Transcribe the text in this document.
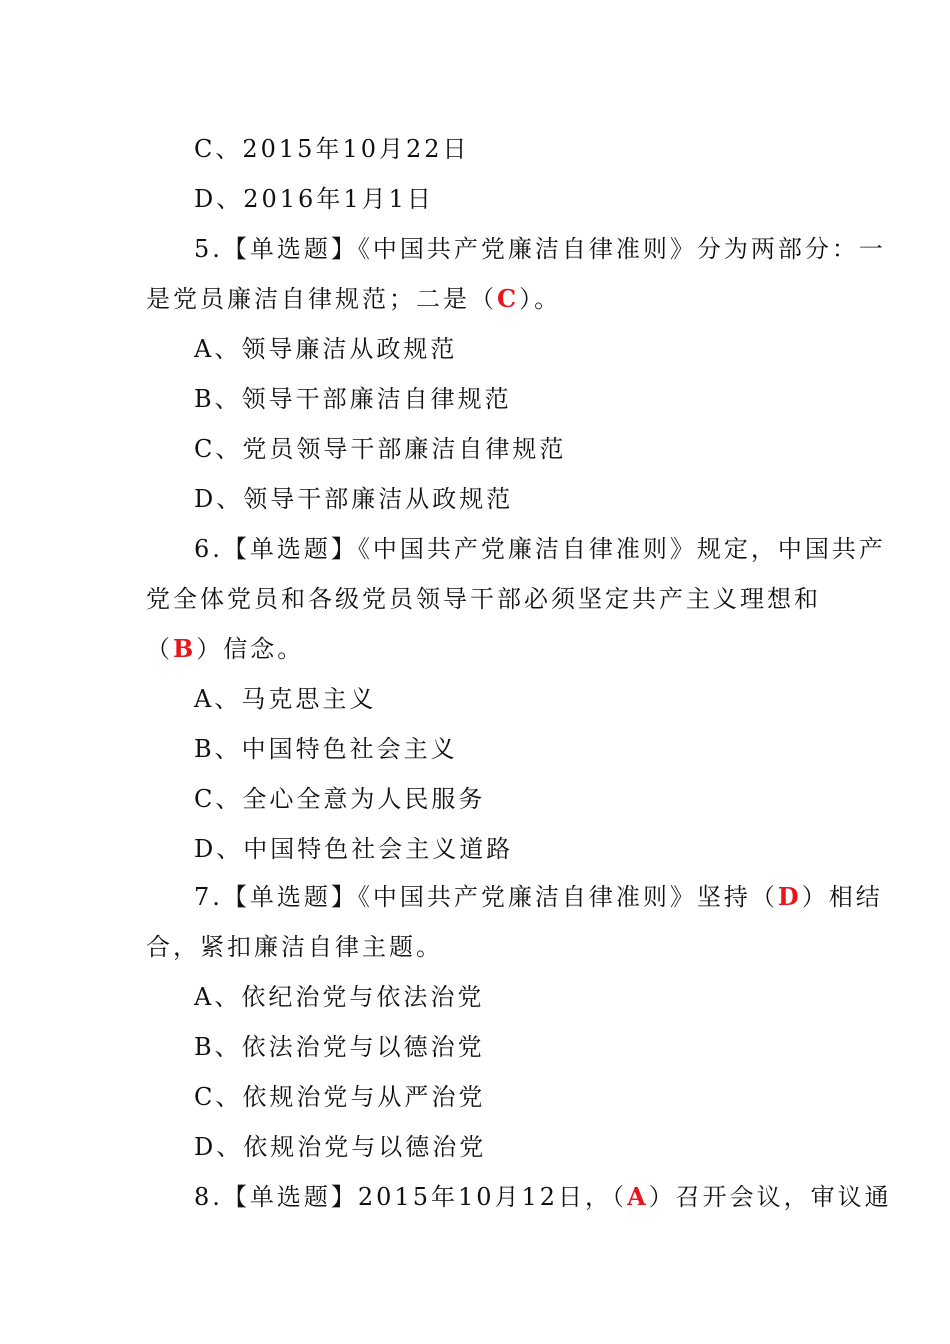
C、2015年10月22日
D、2016年1月1日
5.【单选题】《中国共产党廉洁自律准则》分为两部分：一
是党员廉洁自律规范；二是（C）。
A、领导廉洁从政规范
B、领导干部廉洁自律规范
C、党员领导干部廉洁自律规范
D、领导干部廉洁从政规范
6.【单选题】《中国共产党廉洁自律准则》规定，中国共产
党全体党员和各级党员领导干部必须坚定共产主义理想和
（B）信念。
A、马克思主义
B、中国特色社会主义
C、全心全意为人民服务
D、中国特色社会主义道路
7.【单选题】《中国共产党廉洁自律准则》坚持（D）相结
合，紧扣廉洁自律主题。
A、依纪治党与依法治党
B、依法治党与以德治党
C、依规治党与从严治党
D、依规治党与以德治党
8.【单选题】2015年10月12日，（A）召开会议，审议通
